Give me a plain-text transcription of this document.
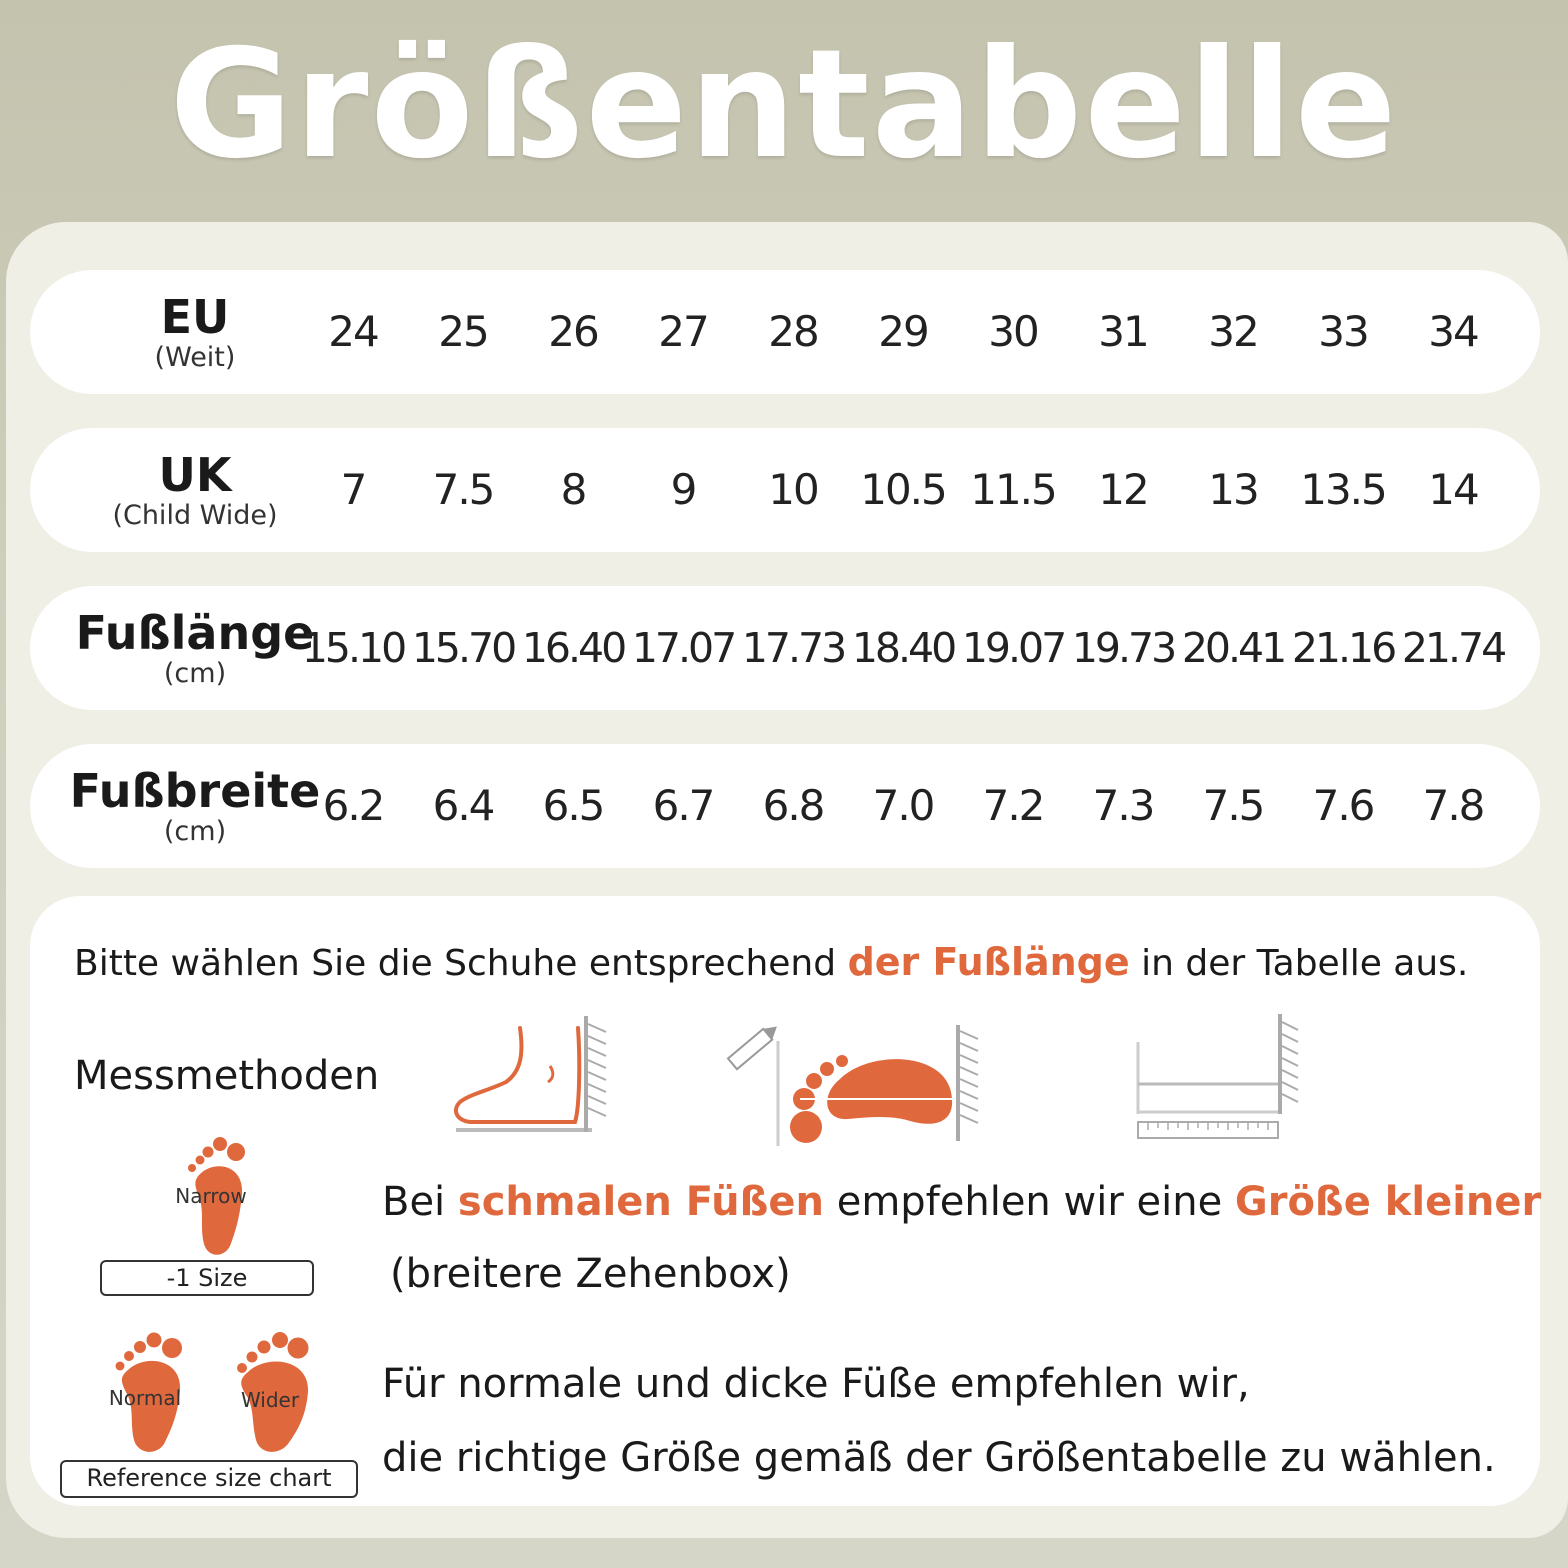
Größentabelle
EU
(Weit)
24	25	26	27	28	29	30	31	32	33	34
UK
(Child Wide)
7	7.5	8	9	10	10.5 11.5	12	13	13.5	14
Fußlänge
(cm)
15.10 15.70 16.40 17.07 17.73 18.40 19.07 19.73 20.41 21.16 21.74
Fußbreite
(cm)
6.2	6.4	6.5	6.7	6.8	7.0	7.2	7.3	7.5	7.6	7.8
Bitte wählen Sie die Schuhe entsprechend der Fußlänge in der Tabelle aus.
Messmethoden
Narrow
-1 Size
Bei schmalen Füßen empfehlen wir eine Größe kleiner
(breitere Zehenbox)
Normal	Wider
Reference size chart
Für normale und dicke Füße empfehlen wir,
die richtige Größe gemäß der Größentabelle zu wählen.
